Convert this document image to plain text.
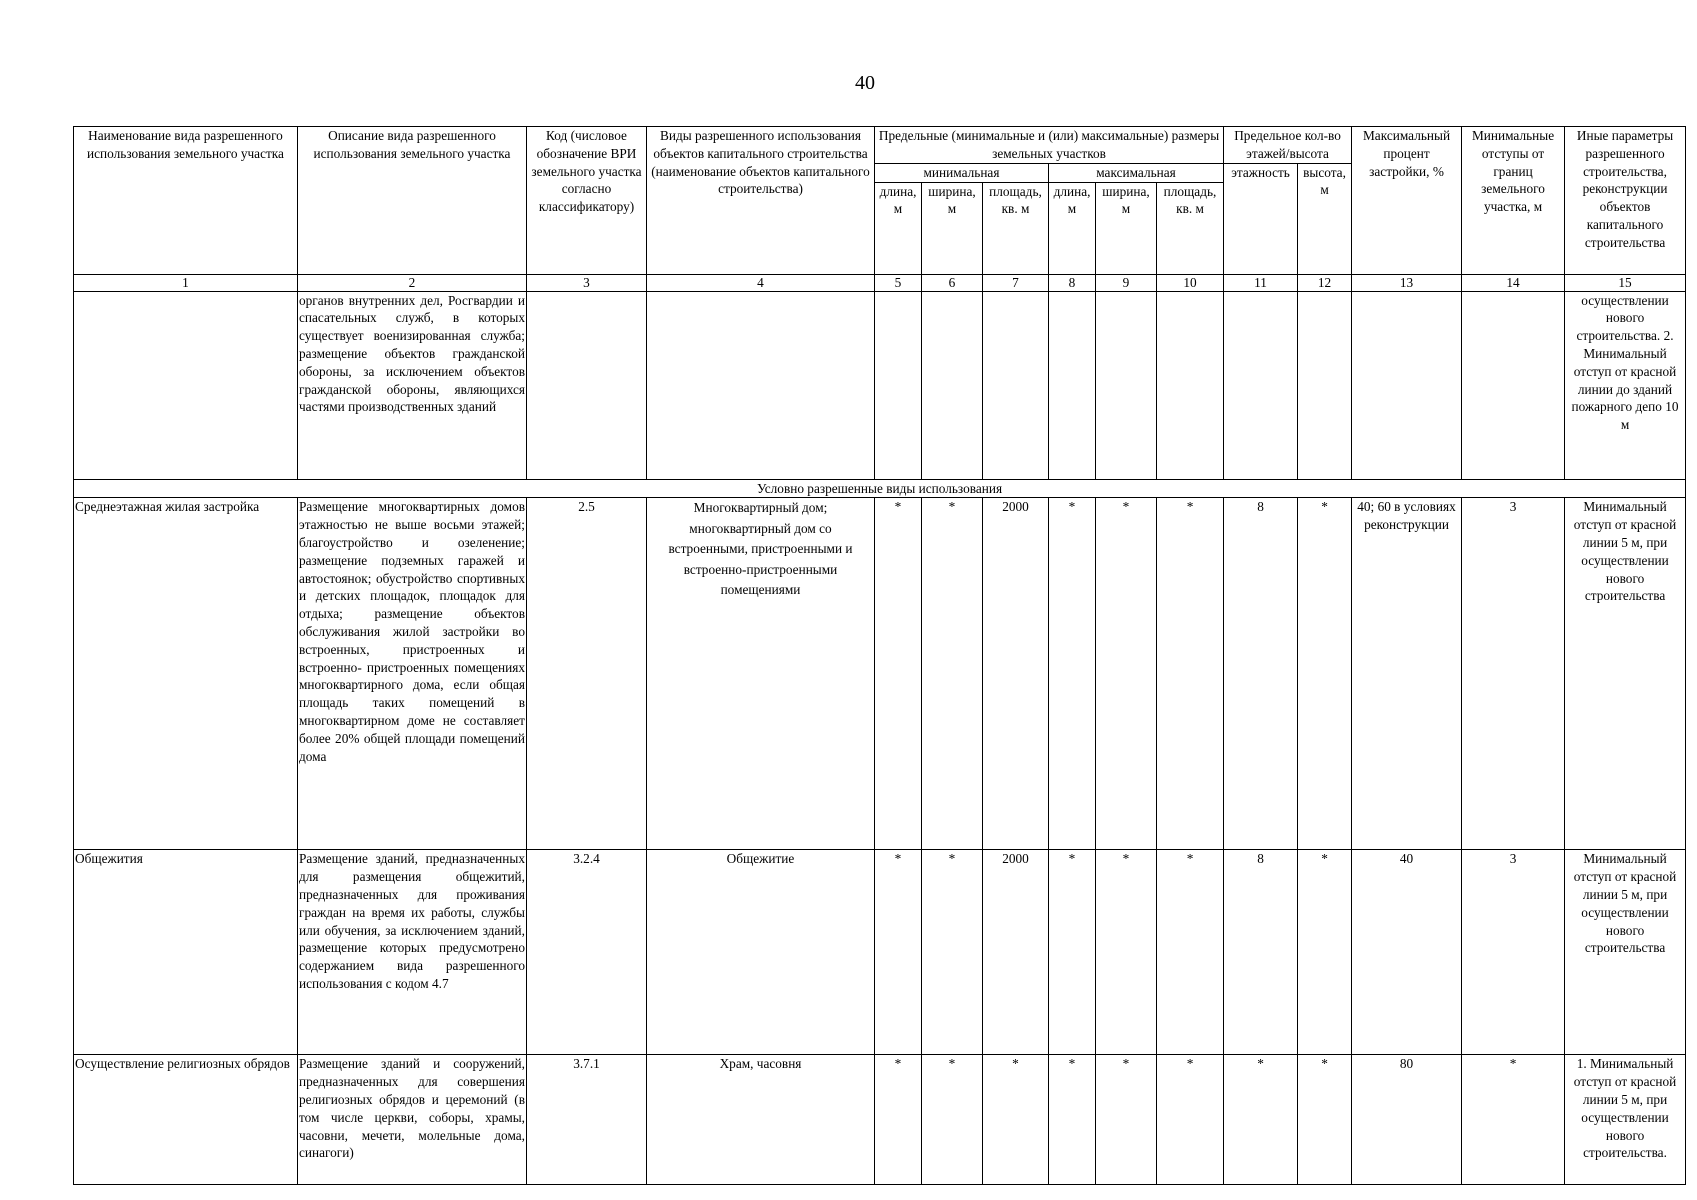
40
Наименование вида разрешенного использования земельного участка	Описание вида разрешенного использования земельного участка	Код (числовое обозначение ВРИ земельного участка согласно классификатору)	Виды разрешенного использования объектов капитального строительства (наименование объектов капитального строительства)	Предельные (минимальные и (или) максимальные) размеры земельных участков						Предельное кол-во этажей/высота		Максимальный процент застройки, %	Минимальные отступы от границ земельного участка, м	Иные параметры разрешенного строительства, реконструкции объектов капитального строительства
				минимальная			максимальная			этажность	высота, м			
				длина, м	ширина, м	площадь, кв. м	длина, м	ширина, м	площадь, кв. м					
1	2	3	4	5	6	7	8	9	10	11	12	13	14	15
	органов внутренних дел, Росгвардии и спасательных служб, в которых существует военизированная служба; размещение объектов гражданской обороны, за исключением объектов гражданской обороны, являющихся частями производственных зданий													осуществлении нового строительства. 2. Минимальный отступ от красной линии до зданий пожарного депо 10 м
Условно разрешенные виды использования														
Среднеэтажная жилая застройка	Размещение многоквартирных домов этажностью не выше восьми этажей; благоустройство и озеленение; размещение подземных гаражей и автостоянок; обустройство спортивных и детских площадок, площадок для отдыха; размещение объектов обслуживания жилой застройки во встроенных, пристроенных и встроенно- пристроенных помещениях многоквартирного дома, если общая площадь таких помещений в многоквартирном доме не составляет более 20% общей площади помещений дома	2.5	Многоквартирный дом; многоквартирный дом со встроенными, пристроенными и встроенно-пристроенными помещениями	*	*	2000	*	*	*	8	*	40; 60 в условиях реконструкции	3	Минимальный отступ от красной линии 5 м, при осуществлении нового строительства
Общежития	Размещение зданий, предназначенных для размещения общежитий, предназначенных для проживания граждан на время их работы, службы или обучения, за исключением зданий, размещение которых предусмотрено содержанием вида разрешенного использования с кодом 4.7	3.2.4	Общежитие	*	*	2000	*	*	*	8	*	40	3	Минимальный отступ от красной линии 5 м, при осуществлении нового строительства
Осуществление религиозных обрядов	Размещение зданий и сооружений, предназначенных для совершения религиозных обрядов и церемоний (в том числе церкви, соборы, храмы, часовни, мечети, молельные дома, синагоги)	3.7.1	Храм, часовня	*	*	*	*	*	*	*	*	80	*	1. Минимальный отступ от красной линии 5 м, при осуществлении нового строительства.
